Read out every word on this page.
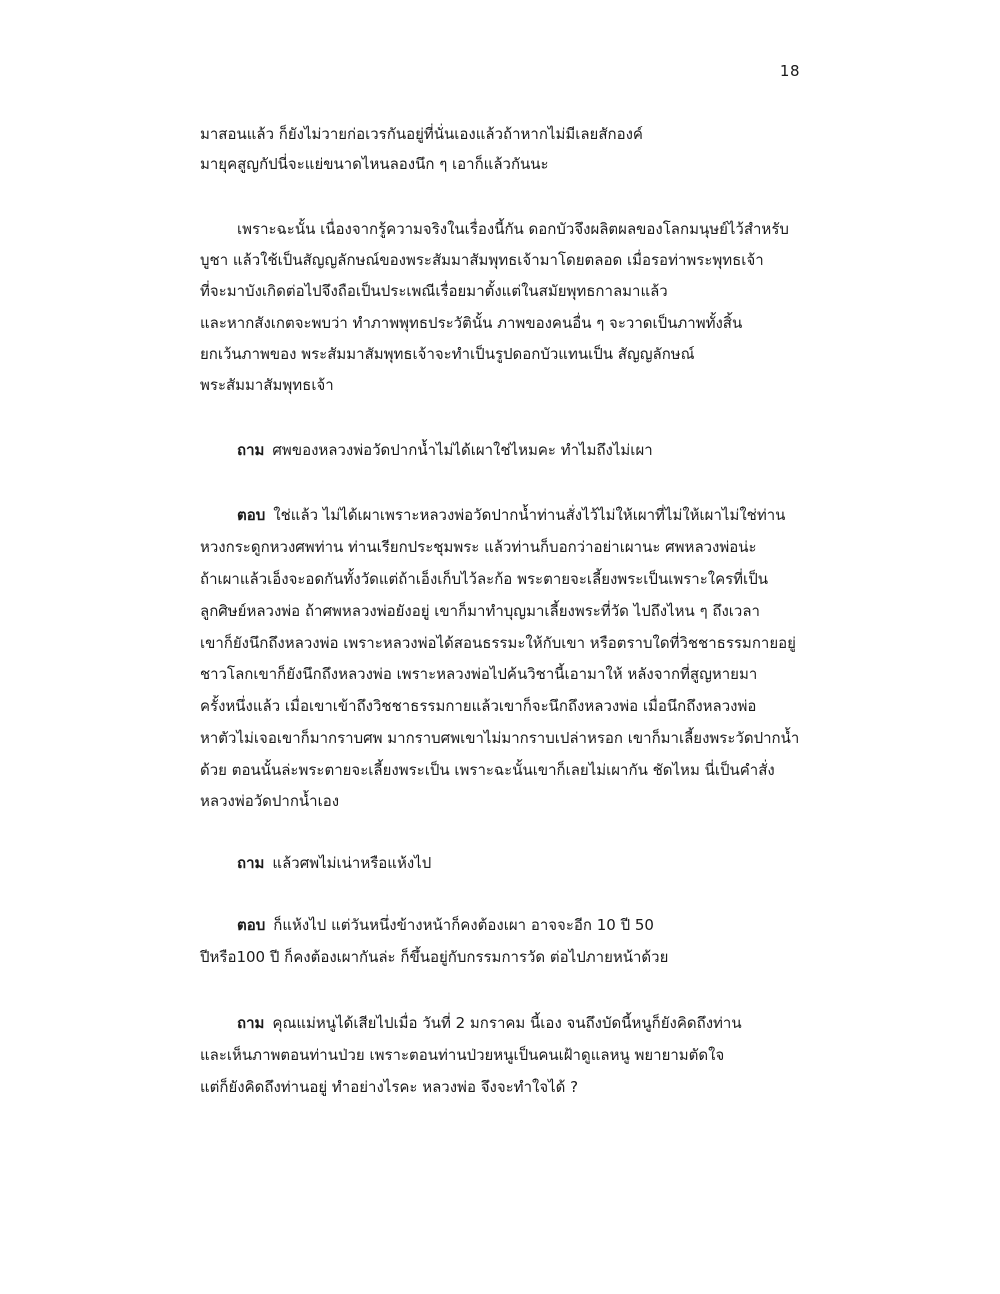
18
มาสอนแล้ว ก็ยังไม่วายก่อเวรกันอยู่ที่นั่นเองแล้วถ้าหากไม่มีเลยสักองค์
มายุคสูญกัปนี่จะแย่ขนาดไหนลองนึก ๆ เอาก็แล้วกันนะ
เพราะฉะนั้น เนื่องจากรู้ความจริงในเรื่องนี้กัน ดอกบัวจึงผลิตผลของโลกมนุษย์ไว้สำหรับ
บูชา แล้วใช้เป็นสัญญลักษณ์ของพระสัมมาสัมพุทธเจ้ามาโดยตลอด เมื่อรอท่าพระพุทธเจ้า
ที่จะมาบังเกิดต่อไปจึงถือเป็นประเพณีเรื่อยมาตั้งแต่ในสมัยพุทธกาลมาแล้ว
และหากสังเกตจะพบว่า ทำภาพพุทธประวัตินั้น ภาพของคนอื่น ๆ จะวาดเป็นภาพทั้งสิ้น
ยกเว้นภาพของ พระสัมมาสัมพุทธเจ้าจะทำเป็นรูปดอกบัวแทนเป็น สัญญลักษณ์
พระสัมมาสัมพุทธเจ้า
ถาม ศพของหลวงพ่อวัดปากน้ำไม่ได้เผาใช่ไหมคะ ทำไมถึงไม่เผา
ตอบ ใช่แล้ว ไม่ได้เผาเพราะหลวงพ่อวัดปากน้ำท่านสั่งไว้ไม่ให้เผาที่ไม่ให้เผาไม่ใช่ท่าน
หวงกระดูกหวงศพท่าน ท่านเรียกประชุมพระ แล้วท่านก็บอกว่าอย่าเผานะ ศพหลวงพ่อน่ะ
ถ้าเผาแล้วเอ็งจะอดกันทั้งวัดแต่ถ้าเอ็งเก็บไว้ละก้อ พระตายจะเลี้ยงพระเป็นเพราะใครที่เป็น
ลูกศิษย์หลวงพ่อ ถ้าศพหลวงพ่อยังอยู่ เขาก็มาทำบุญมาเลี้ยงพระที่วัด ไปถึงไหน ๆ ถึงเวลา
เขาก็ยังนึกถึงหลวงพ่อ เพราะหลวงพ่อได้สอนธรรมะให้กับเขา หรือตราบใดที่วิชชาธรรมกายอยู่
ชาวโลกเขาก็ยังนึกถึงหลวงพ่อ เพราะหลวงพ่อไปค้นวิชานี้เอามาให้ หลังจากที่สูญหายมา
ครั้งหนึ่งแล้ว เมื่อเขาเข้าถึงวิชชาธรรมกายแล้วเขาก็จะนึกถึงหลวงพ่อ เมื่อนึกถึงหลวงพ่อ
หาตัวไม่เจอเขาก็มากราบศพ มากราบศพเขาไม่มากราบเปล่าหรอก เขาก็มาเลี้ยงพระวัดปากน้ำ
ด้วย ตอนนั้นล่ะพระตายจะเลี้ยงพระเป็น เพราะฉะนั้นเขาก็เลยไม่เผากัน ชัดไหม นี่เป็นคำสั่ง
หลวงพ่อวัดปากน้ำเอง
ถาม แล้วศพไม่เน่าหรือแห้งไป
ตอบ ก็แห้งไป แต่วันหนึ่งข้างหน้าก็คงต้องเผา อาจจะอีก 10 ปี 50
ปีหรือ100 ปี ก็คงต้องเผากันล่ะ ก็ขึ้นอยู่กับกรรมการวัด ต่อไปภายหน้าด้วย
ถาม คุณแม่หนูได้เสียไปเมื่อ วันที่ 2 มกราคม นี้เอง จนถึงบัดนี้หนูก็ยังคิดถึงท่าน
และเห็นภาพตอนท่านป่วย เพราะตอนท่านป่วยหนูเป็นคนเฝ้าดูแลหนู พยายามตัดใจ
แต่ก็ยังคิดถึงท่านอยู่ ทำอย่างไรคะ หลวงพ่อ จึงจะทำใจได้ ?
